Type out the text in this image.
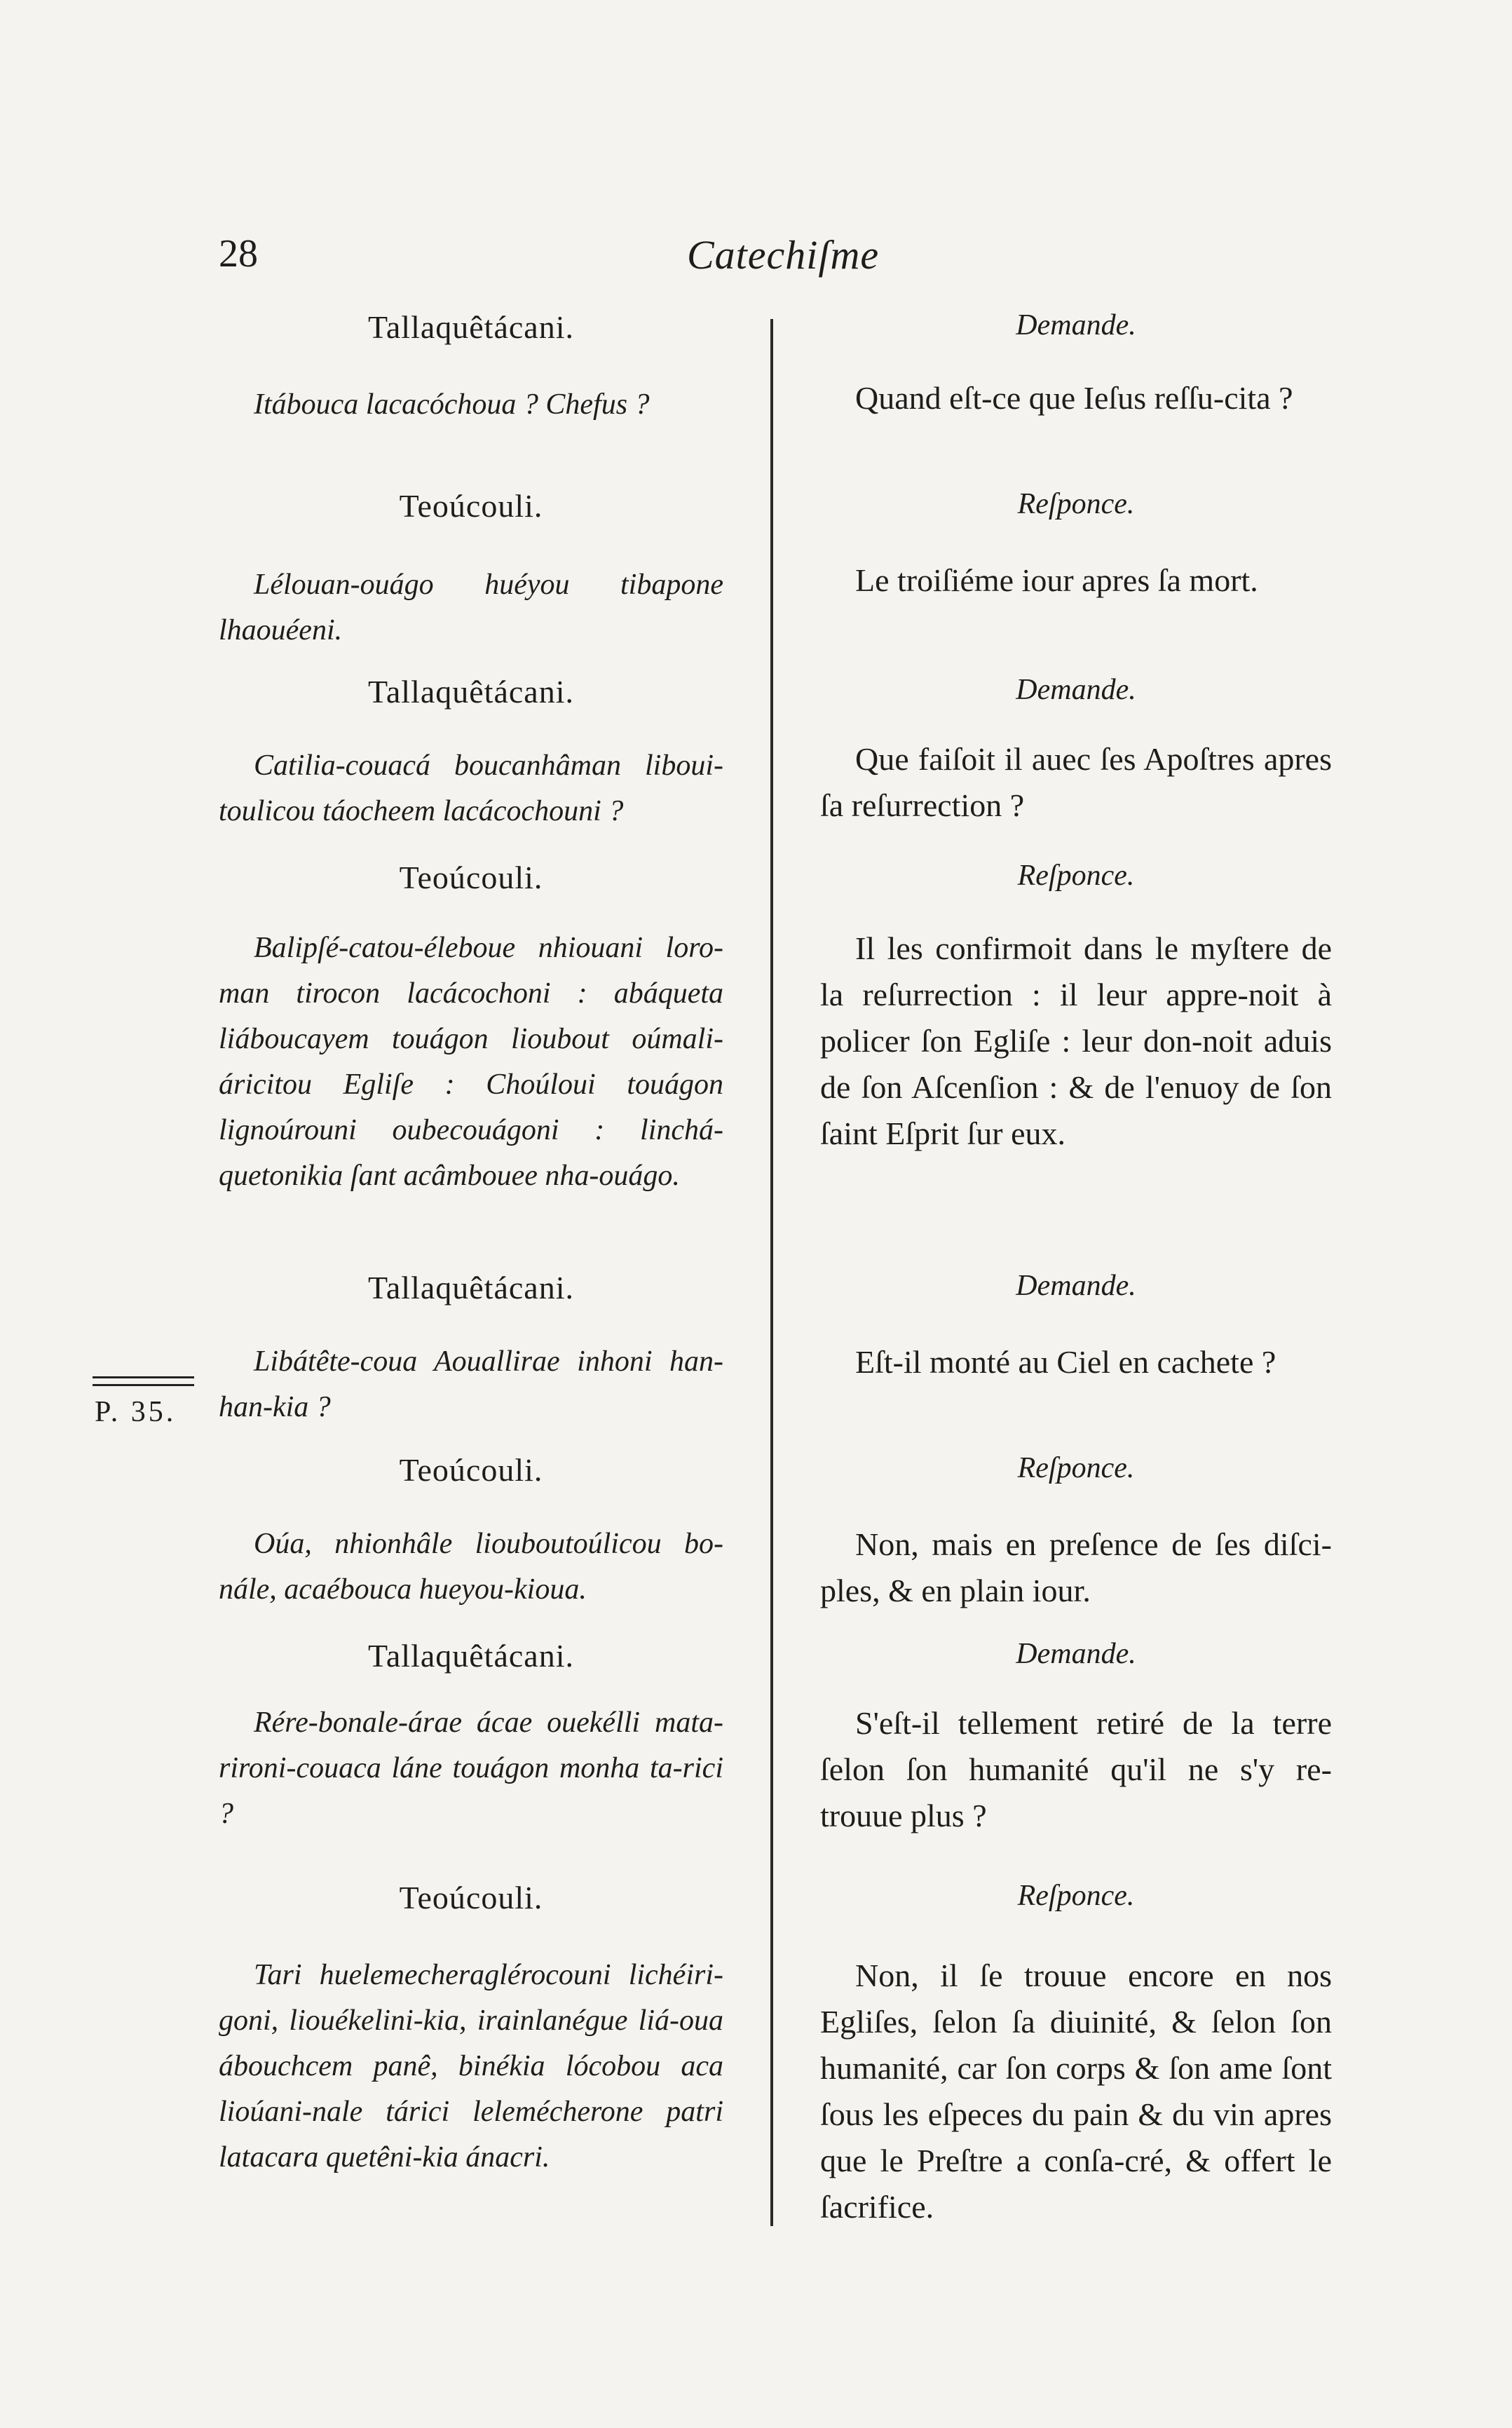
28	Catechiſme
P. 35.
Tallaquêtácani.
Itábouca lacacóchoua ? Chefus ?
Teoúcouli.
Lélouan-ouágo huéyou tibapone lhaouéeni.
Tallaquêtácani.
Catilia-couacá boucanhâman liboui-toulicou táocheem lacácochouni ?
Teoúcouli.
Balipſé-catou-éleboue nhiouani loro-man tirocon lacácochoni : abáqueta liáboucayem touágon lioubout oúmali-áricitou Egliſe : Choúloui touágon lignoúrouni oubecouágoni : linchá-quetonikia ſant acâmbouee nha-ouágo.
Tallaquêtácani.
Libátête-coua Aouallirae inhoni han-han-kia ?
Teoúcouli.
Oúa, nhionhâle liouboutoúlicou bo-nále, acaébouca hueyou-kioua.
Tallaquêtácani.
Rére-bonale-árae ácae ouekélli mata-rironi-couaca láne touágon monha ta-rici ?
Teoúcouli.
Tari huelemecheraglérocouni lichéiri-goni, liouékelini-kia, irainlanégue liá-oua ábouchcem panê, binékia lócobou aca lioúani-nale tárici lelemécherone patri latacara quetêni-kia ánacri.
Demande.
Quand eſt-ce que Ieſus reſſu-cita ?
Reſponce.
Le troiſiéme iour apres ſa mort.
Demande.
Que faiſoit il auec ſes Apoſtres apres ſa reſurrection ?
Reſponce.
Il les confirmoit dans le myſtere de la reſurrection : il leur appre-noit à policer ſon Egliſe : leur don-noit aduis de ſon Aſcenſion : & de l'enuoy de ſon ſaint Eſprit ſur eux.
Demande.
Eſt-il monté au Ciel en cachete ?
Reſponce.
Non, mais en preſence de ſes diſci-ples, & en plain iour.
Demande.
S'eſt-il tellement retiré de la terre ſelon ſon humanité qu'il ne s'y re-trouue plus ?
Reſponce.
Non, il ſe trouue encore en nos Egliſes, ſelon ſa diuinité, & ſelon ſon humanité, car ſon corps & ſon ame ſont ſous les eſpeces du pain & du vin apres que le Preſtre a conſa-cré, & offert le ſacrifice.
